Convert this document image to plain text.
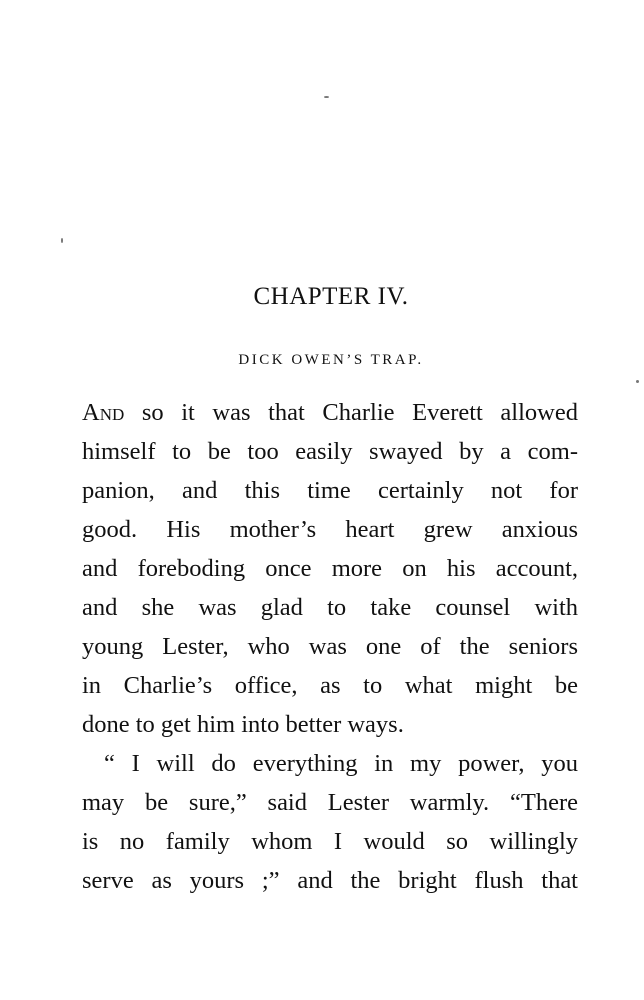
CHAPTER IV.
DICK OWEN’S TRAP.
And so it was that Charlie Everett allowed
himself to be too easily swayed by a com-
panion, and this time certainly not for
good. His mother’s heart grew anxious
and foreboding once more on his account,
and she was glad to take counsel with
young Lester, who was one of the seniors
in Charlie’s office, as to what might be
done to get him into better ways.
“ I will do everything in my power, you
may be sure,” said Lester warmly. “There
is no family whom I would so willingly
serve as yours ;” and the bright flush that
